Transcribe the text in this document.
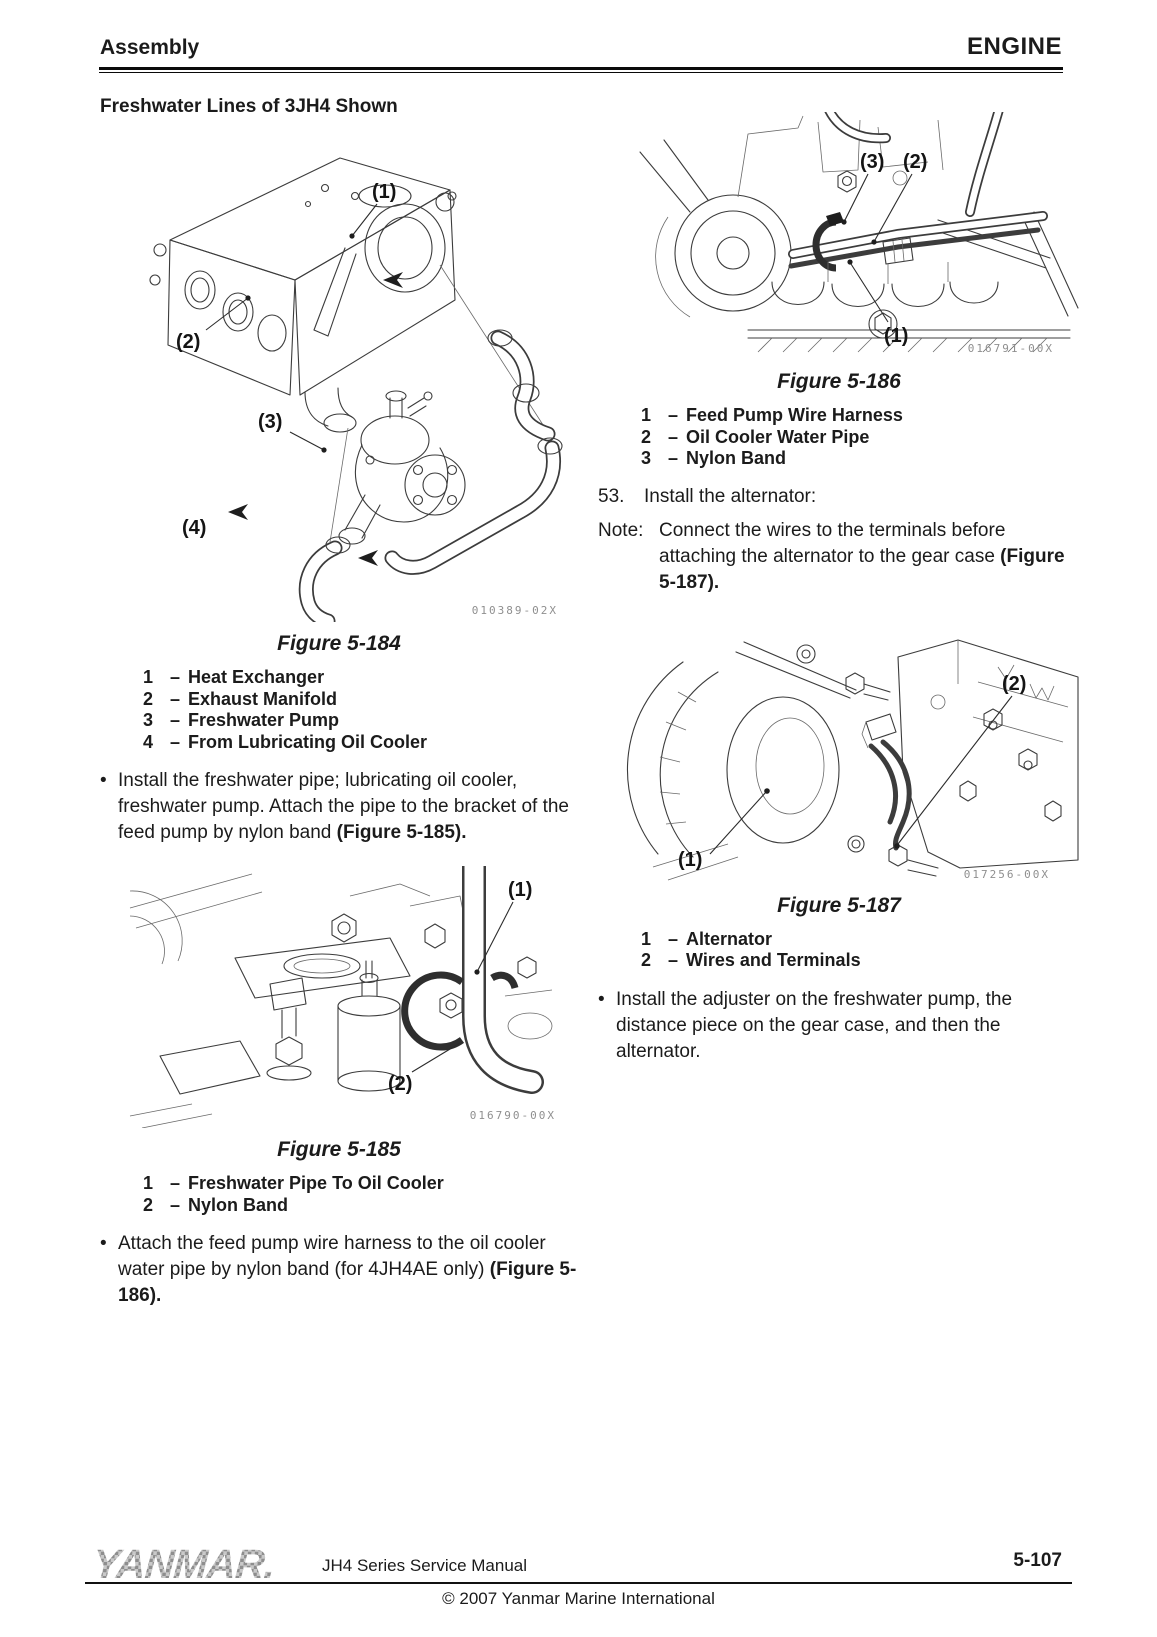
Assembly	ENGINE
Freshwater Lines of 3JH4 Shown
(1)
(2)
(3)
(4)
010389-02X
Figure 5-184
1 – Heat Exchanger
2 – Exhaust Manifold
3 – Freshwater Pump
4 – From Lubricating Oil Cooler
• Install the freshwater pipe; lubricating oil cooler, freshwater pump. Attach the pipe to the bracket of the feed pump by nylon band (Figure 5-185).

(1)
(2)
016790-00X
Figure 5-185
1 – Freshwater Pipe To Oil Cooler
2 – Nylon Band
• Attach the feed pump wire harness to the oil cooler water pipe by nylon band (for 4JH4AE only) (Figure 5-186).

(3) (2)
(1)
016791-00X
Figure 5-186
1 – Feed Pump Wire Harness
2 – Oil Cooler Water Pipe
3 – Nylon Band
53.	Install the alternator:
Note: Connect the wires to the terminals before attaching the alternator to the gear case (Figure 5-187).

(2)
(1)
017256-00X
Figure 5-187
1 – Alternator
2 – Wires and Terminals
• Install the adjuster on the freshwater pump, the distance piece on the gear case, and then the alternator.

YANMAR.	JH4 Series Service Manual	5-107
© 2007 Yanmar Marine International
